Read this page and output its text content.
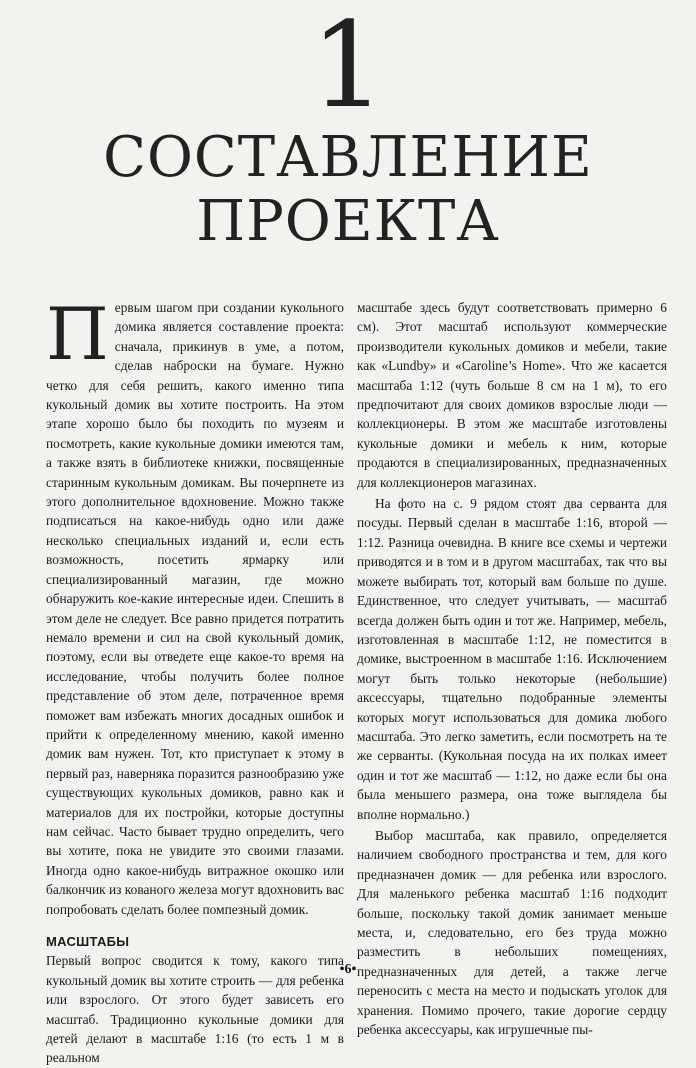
1
СОСТАВЛЕНИЕ
ПРОЕКТА

Первым шагом при создании кукольного домика является составление проекта: сначала, прикинув в уме, а потом, сделав наброски на бумаге. Нужно четко для себя решить, какого именно типа кукольный домик вы хотите построить. На этом этапе хорошо было бы походить по музеям и посмотреть, какие кукольные домики имеются там, а также взять в библиотеке книжки, посвященные старинным кукольным домикам. Вы почерпнете из этого дополнительное вдохновение. Можно также подписаться на какое-нибудь одно или даже несколько специальных изданий и, если есть возможность, посетить ярмарку или специализированный магазин, где можно обнаружить кое-какие интересные идеи. Спешить в этом деле не следует. Все равно придется потратить немало времени и сил на свой кукольный домик, поэтому, если вы отведете еще какое-то время на исследование, чтобы получить более полное представление об этом деле, потраченное время поможет вам избежать многих досадных ошибок и прийти к определенному мнению, какой именно домик вам нужен. Тот, кто приступает к этому в первый раз, наверняка поразится разнообразию уже существующих кукольных домиков, равно как и материалов для их постройки, которые доступны нам сейчас. Часто бывает трудно определить, чего вы хотите, пока не увидите это своими глазами. Иногда одно какое-нибудь витражное окошко или балкончик из кованого железа могут вдохновить вас попробовать сделать более помпезный домик.

МАСШТАБЫ

Первый вопрос сводится к тому, какого типа кукольный домик вы хотите строить — для ребенка или взрослого. От этого будет зависеть его масштаб. Традиционно кукольные домики для детей делают в масштабе 1:16 (то есть 1 м в реальном

масштабе здесь будут соответствовать примерно 6 см). Этот масштаб используют коммерческие производители кукольных домиков и мебели, такие как «Lundby» и «Caroline’s Home». Что же касается масштаба 1:12 (чуть больше 8 см на 1 м), то его предпочитают для своих домиков взрослые люди — коллекционеры. В этом же масштабе изготовлены кукольные домики и мебель к ним, которые продаются в специализированных, предназначенных для коллекционеров магазинах.

На фото на с. 9 рядом стоят два серванта для посуды. Первый сделан в масштабе 1:16, второй — 1:12. Разница очевидна. В книге все схемы и чертежи приводятся и в том и в другом масштабах, так что вы можете выбирать тот, который вам больше по душе. Единственное, что следует учитывать, — масштаб всегда должен быть один и тот же. Например, мебель, изготовленная в масштабе 1:12, не поместится в домике, выстроенном в масштабе 1:16. Исключением могут быть только некоторые (небольшие) аксессуары, тщательно подобранные элементы которых могут использоваться для домика любого масштаба. Это легко заметить, если посмотреть на те же серванты. (Кукольная посуда на их полках имеет один и тот же масштаб — 1:12, но даже если бы она была меньшего размера, она тоже выглядела бы вполне нормально.)

Выбор масштаба, как правило, определяется наличием свободного пространства и тем, для кого предназначен домик — для ребенка или взрослого. Для маленького ребенка масштаб 1:16 подходит больше, поскольку такой домик занимает меньше места, и, следовательно, его без труда можно разместить в небольших помещениях, предназначенных для детей, а также легче переносить с места на место и подыскать уголок для хранения. Помимо прочего, такие дорогие сердцу ребенка аксессуары, как игрушечные пы-

•6•
